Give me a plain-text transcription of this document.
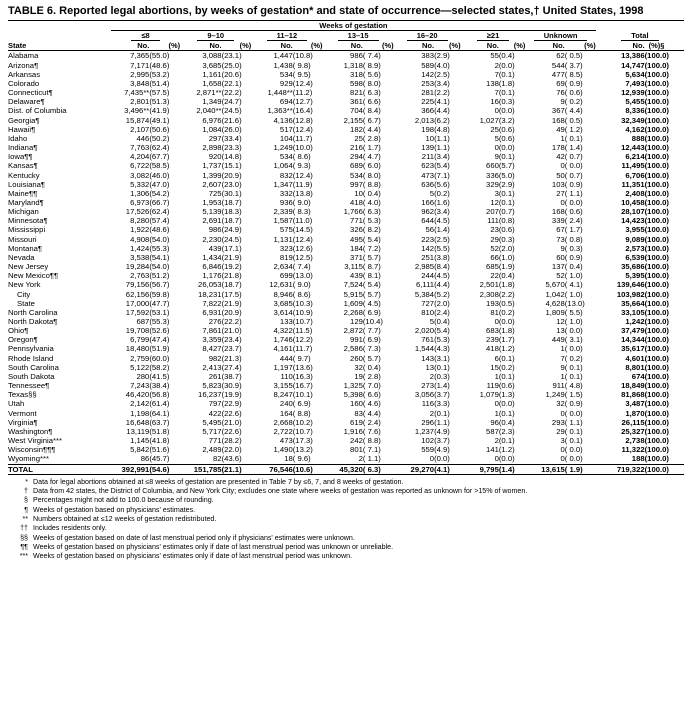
TABLE 6. Reported legal abortions, by weeks of gestation* and state of occurrence—selected states,† United States, 1998
	Weeks of gestation															
	≤8		9–10		11–12		13–15		16–20		≥21		Unknown		Total	
State	No.	(%)	No.	(%)	No.	(%)	No.	(%)	No.	(%)	No.	(%)	No.	(%)	No.	(%)§
Alabama	7,365	(55.0)	3,088	(23.1)	1,447	(10.8)	986	( 7.4)	383	(2.9)	55	(0.4)	62	( 0.5)	13,386	(100.0)
Arizona¶	7,171	(48.6)	3,685	(25.0)	1,438	( 9.8)	1,318	( 8.9)	589	(4.0)	2	(0.0)	544	( 3.7)	14,747	(100.0)
Arkansas	2,995	(53.2)	1,161	(20.6)	534	( 9.5)	318	( 5.6)	142	(2.5)	7	(0.1)	477	( 8.5)	5,634	(100.0)
Colorado	3,848	(51.4)	1,658	(22.1)	929	(12.4)	598	( 8.0)	253	(3.4)	138	(1.8)	69	( 0.9)	7,493	(100.0)
Connecticut¶	7,435**	(57.5)	2,871**	(22.2)	1,448**	(11.2)	821	( 6.3)	281	(2.2)	7	(0.1)	76	( 0.6)	12,939	(100.0)
Delaware¶	2,801	(51.3)	1,349	(24.7)	694	(12.7)	361	( 6.6)	225	(4.1)	16	(0.3)	9	( 0.2)	5,455	(100.0)
Dist. of Columbia	3,496**	(41.9)	2,040**	(24.5)	1,363**	(16.4)	704	( 8.4)	366	(4.4)	0	(0.0)	367	( 4.4)	8,336	(100.0)
Georgia¶	15,874	(49.1)	6,976	(21.6)	4,136	(12.8)	2,155	( 6.7)	2,013	(6.2)	1,027	(3.2)	168	( 0.5)	32,349	(100.0)
Hawaii¶	2,107	(50.6)	1,084	(26.0)	517	(12.4)	182	( 4.4)	198	(4.8)	25	(0.6)	49	( 1.2)	4,162	(100.0)
Idaho	446	(50.2)	297	(33.4)	104	(11.7)	25	( 2.8)	10	(1.1)	5	(0.6)	1	( 0.1)	888	(100.0)
Indiana¶	7,763	(62.4)	2,898	(23.3)	1,249	(10.0)	216	( 1.7)	139	(1.1)	0	(0.0)	178	( 1.4)	12,443	(100.0)
Iowa¶¶	4,204	(67.7)	920	(14.8)	534	( 8.6)	294	( 4.7)	211	(3.4)	9	(0.1)	42	( 0.7)	6,214	(100.0)
Kansas¶	6,722	(58.5)	1,737	(15.1)	1,064	( 9.3)	689	( 6.0)	623	(5.4)	660	(5.7)	0	( 0.0)	11,495	(100.0)
Kentucky	3,082	(46.0)	1,399	(20.9)	832	(12.4)	534	( 8.0)	473	(7.1)	336	(5.0)	50	( 0.7)	6,706	(100.0)
Louisiana¶	5,332	(47.0)	2,607	(23.0)	1,347	(11.9)	997	( 8.8)	636	(5.6)	329	(2.9)	103	( 0.9)	11,351	(100.0)
Maine¶¶	1,306	(54.2)	725	(30.1)	332	(13.8)	10	( 0.4)	5	(0.2)	3	(0.1)	27	( 1.1)	2,408	(100.0)
Maryland¶	6,973	(66.7)	1,953	(18.7)	936	( 9.0)	418	( 4.0)	166	(1.6)	12	(0.1)	0	( 0.0)	10,458	(100.0)
Michigan	17,526	(62.4)	5,139	(18.3)	2,339	( 8.3)	1,766	( 6.3)	962	(3.4)	207	(0.7)	168	( 0.6)	28,107	(100.0)
Minnesota¶	8,280	(57.4)	2,691	(18.7)	1,587	(11.0)	771	( 5.3)	644	(4.5)	111	(0.8)	339	( 2.4)	14,423	(100.0)
Mississippi	1,922	(48.6)	986	(24.9)	575	(14.5)	326	( 8.2)	56	(1.4)	23	(0.6)	67	( 1.7)	3,955	(100.0)
Missouri	4,908	(54.0)	2,230	(24.5)	1,131	(12.4)	495	( 5.4)	223	(2.5)	29	(0.3)	73	( 0.8)	9,089	(100.0)
Montana¶	1,424	(55.3)	439	(17.1)	323	(12.6)	184	( 7.2)	142	(5.5)	52	(2.0)	9	( 0.3)	2,573	(100.0)
Nevada	3,538	(54.1)	1,434	(21.9)	819	(12.5)	371	( 5.7)	251	(3.8)	66	(1.0)	60	( 0.9)	6,539	(100.0)
New Jersey	19,284	(54.0)	6,846	(19.2)	2,634	( 7.4)	3,115	( 8.7)	2,985	(8.4)	685	(1.9)	137	( 0.4)	35,686	(100.0)
New Mexico¶¶	2,763	(51.2)	1,176	(21.8)	699	(13.0)	439	( 8.1)	244	(4.5)	22	(0.4)	52	( 1.0)	5,395	(100.0)
New York	79,156	(56.7)	26,053	(18.7)	12,631	( 9.0)	7,524	( 5.4)	6,111	(4.4)	2,501	(1.8)	5,670	( 4.1)	139,646	(100.0)
City	62,156	(59.8)	18,231	(17.5)	8,946	( 8.6)	5,915	( 5.7)	5,384	(5.2)	2,308	(2.2)	1,042	( 1.0)	103,982	(100.0)
State	17,000	(47.7)	7,822	(21.9)	3,685	(10.3)	1,609	( 4.5)	727	(2.0)	193	(0.5)	4,628	(13.0)	35,664	(100.0)
North Carolina	17,592	(53.1)	6,931	(20.9)	3,614	(10.9)	2,268	( 6.9)	810	(2.4)	81	(0.2)	1,809	( 5.5)	33,105	(100.0)
North Dakota¶	687	(55.3)	276	(22.2)	133	(10.7)	129	(10.4)	5	(0.4)	0	(0.0)	12	( 1.0)	1,242	(100.0)
Ohio¶	19,708	(52.6)	7,861	(21.0)	4,322	(11.5)	2,872	( 7.7)	2,020	(5.4)	683	(1.8)	13	( 0.0)	37,479	(100.0)
Oregon¶	6,799	(47.4)	3,359	(23.4)	1,746	(12.2)	991	( 6.9)	761	(5.3)	239	(1.7)	449	( 3.1)	14,344	(100.0)
Pennsylvania	18,480	(51.9)	8,427	(23.7)	4,161	(11.7)	2,586	( 7.3)	1,544	(4.3)	418	(1.2)	1	( 0.0)	35,617	(100.0)
Rhode Island	2,759	(60.0)	982	(21.3)	444	( 9.7)	260	( 5.7)	143	(3.1)	6	(0.1)	7	( 0.2)	4,601	(100.0)
South Carolina	5,122	(58.2)	2,413	(27.4)	1,197	(13.6)	32	( 0.4)	13	(0.1)	15	(0.2)	9	( 0.1)	8,801	(100.0)
South Dakota	280	(41.5)	261	(38.7)	110	(16.3)	19	( 2.8)	2	(0.3)	1	(0.1)	1	( 0.1)	674	(100.0)
Tennessee¶	7,243	(38.4)	5,823	(30.9)	3,155	(16.7)	1,325	( 7.0)	273	(1.4)	119	(0.6)	911	( 4.8)	18,849	(100.0)
Texas§§	46,420	(56.8)	16,237	(19.9)	8,247	(10.1)	5,398	( 6.6)	3,056	(3.7)	1,079	(1.3)	1,249	( 1.5)	81,868	(100.0)
Utah	2,142	(61.4)	797	(22.9)	240	( 6.9)	160	( 4.6)	116	(3.3)	0	(0.0)	32	( 0.9)	3,487	(100.0)
Vermont	1,198	(64.1)	422	(22.6)	164	( 8.8)	83	( 4.4)	2	(0.1)	1	(0.1)	0	( 0.0)	1,870	(100.0)
Virginia¶	16,648	(63.7)	5,495	(21.0)	2,668	(10.2)	619	( 2.4)	296	(1.1)	96	(0.4)	293	( 1.1)	26,115	(100.0)
Washington¶	13,119	(51.8)	5,717	(22.6)	2,722	(10.7)	1,916	( 7.6)	1,237	(4.9)	587	(2.3)	29	( 0.1)	25,327	(100.0)
West Virginia***	1,145	(41.8)	771	(28.2)	473	(17.3)	242	( 8.8)	102	(3.7)	2	(0.1)	3	( 0.1)	2,738	(100.0)
Wisconsin¶¶¶	5,842	(51.6)	2,489	(22.0)	1,490	(13.2)	801	( 7.1)	559	(4.9)	141	(1.2)	0	( 0.0)	11,322	(100.0)
Wyoming***	86	(45.7)	82	(43.6)	18	( 9.6)	2	( 1.1)	0	(0.0)	0	(0.0)	0	( 0.0)	188	(100.0)
TOTAL	392,991	(54.6)	151,785	(21.1)	76,546	(10.6)	45,320	( 6.3)	29,270	(4.1)	9,795	(1.4)	13,615	( 1.9)	719,322	(100.0)
* Data for legal abortions obtained at ≤8 weeks of gestation are presented in Table 7 by ≤6, 7, and 8 weeks of gestation.
† Data from 42 states, the District of Columbia, and New York City; excludes one state where weeks of gestation was reported as unknown for >15% of women.
§ Percentages might not add to 100.0 because of rounding.
¶ Weeks of gestation based on physicians' estimates.
** Numbers obtained at ≤12 weeks of gestation redistributed.
†† Includes residents only.
§§ Weeks of gestation based on date of last menstrual period only if physicians' estimates were unknown.
¶¶ Weeks of gestation based on physicians' estimates only if date of last menstrual period was unknown or unreliable.
*** Weeks of gestation based on physicians' estimates only if date of last menstrual period was unknown.
